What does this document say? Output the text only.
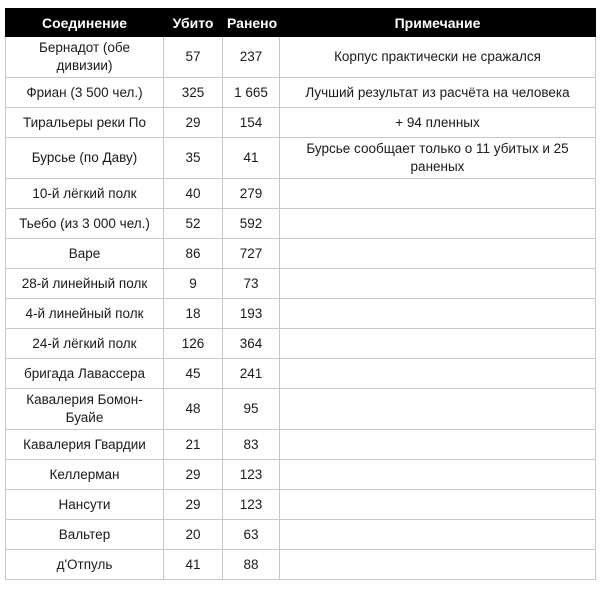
Соединение	Убито	Ранено	Примечание
Бернадот (обе дивизии)	57	237	Корпус практически не сражался
Фриан (3 500 чел.)	325	1 665	Лучший результат из расчёта на человека
Тиральеры реки По	29	154	+ 94 пленных
Бурсье (по Даву)	35	41	Бурсье сообщает только о 11 убитых и 25 раненых
10-й лёгкий полк	40	279	
Тьебо (из 3 000 чел.)	52	592	
Варе	86	727	
28-й линейный полк	9	73	
4-й линейный полк	18	193	
24-й лёгкий полк	126	364	
бригада Лавассера	45	241	
Кавалерия Бомон-Буайе	48	95	
Кавалерия Гвардии	21	83	
Келлерман	29	123	
Нансути	29	123	
Вальтер	20	63	
д'Отпуль	41	88	
